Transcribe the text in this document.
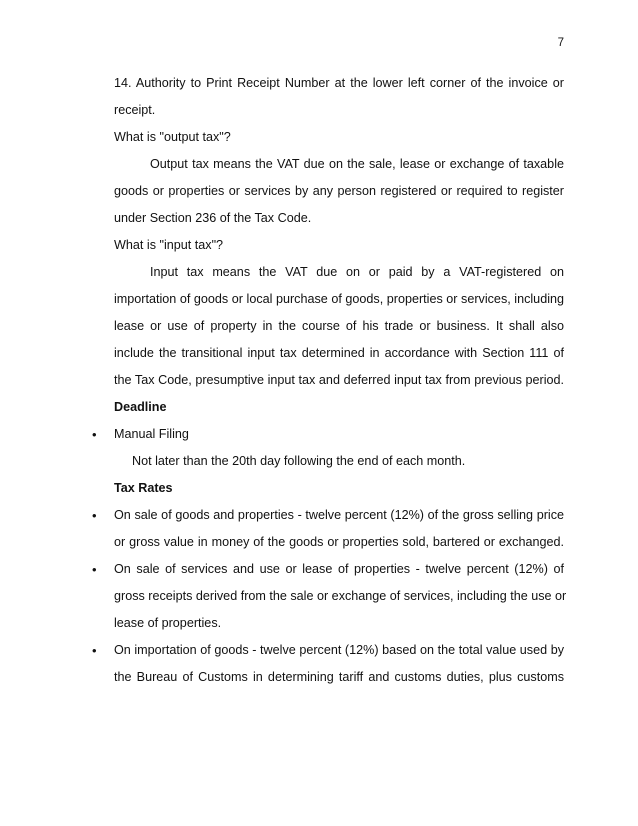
7
14. Authority to Print Receipt Number at the lower left corner of the invoice or
receipt.
What is "output tax"?
Output tax means the VAT due on the sale, lease or exchange of taxable
goods or properties or services by any person registered or required to register
under Section 236 of the Tax Code.
What is "input tax"?
Input tax means the VAT due on or paid by a VAT-registered on
importation of goods or local purchase of goods, properties or services, including
lease or use of property in the course of his trade or business. It shall also
include the transitional input tax determined in accordance with Section 111 of
the Tax Code, presumptive input tax and deferred input tax from previous period.
Deadline
• Manual Filing
Not later than the 20th day following the end of each month.
Tax Rates
• On sale of goods and properties - twelve percent (12%) of the gross selling price
or gross value in money of the goods or properties sold, bartered or exchanged.
• On sale of services and use or lease of properties - twelve percent (12%) of
gross receipts derived from the sale or exchange of services, including the use or
lease of properties.
• On importation of goods - twelve percent (12%) based on the total value used by
the Bureau of Customs in determining tariff and customs duties, plus customs
